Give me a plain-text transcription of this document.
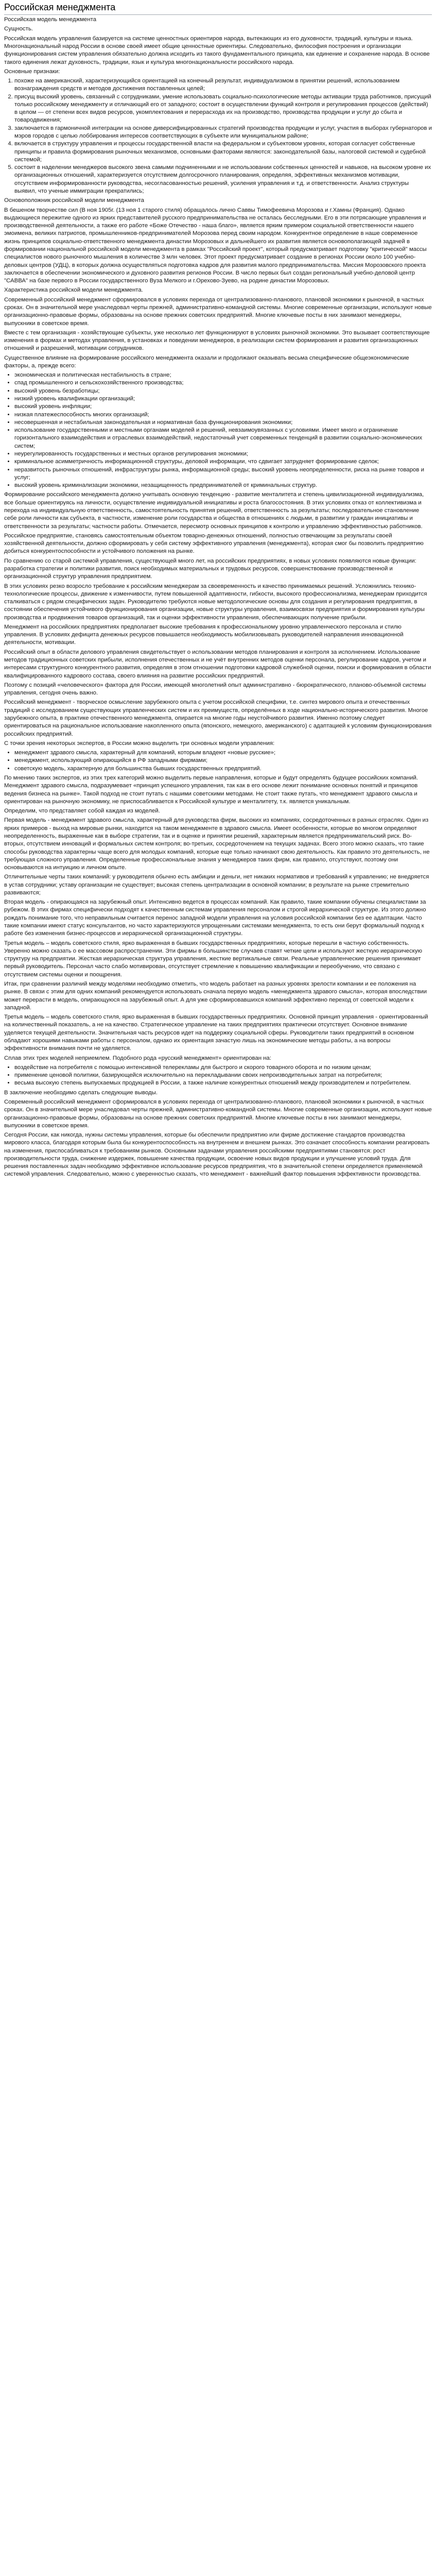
Российская менеджмента

Российская модель менеджмента

Сущность.

Российская модель управления базируется на системе ценностных ориентиров народа, вытекающих из его духовности, традиций, культуры и языка. Многонациональный народ России в основе своей имеет общие ценностные ориентиры. Следовательно, философия построения и организации функционирования систем управления обязательно должна исходить из такого фундаментального принципа, как единение и сохранение народа. В основе такого единения лежат духовность, традиции, язык и культура многонациональности российского народа.

Основные признаки:

1. похоже на американский, характеризующийся ориентацией на конечный результат, индивидуализмом в принятии решений, использованием вознаграждения средств и методов достижения поставленных целей;
2. присущ высокий уровень, связанный с сотрудниками, умение использовать социально-психологические методы активации труда работников, присущий только российскому менеджменту и отличающий его от западного; состоит в осуществлении функций контроля и регулирования процессов (действий) в целом — от степени всех видов ресурсов, укомплектования и перерасхода их на производство, производства продукции и услуг до сбыта и товародвижения;
3. заключается в гармоничной интеграции на основе диверсифицированных стратегий производства продукции и услуг, участия в выборах губернаторов и мэров городов с целью лоббирования интересов соответствующих в субъекте или муниципальном районе;
4. включается в структуру управления и процессы государственной власти на федеральном и субъектовом уровнях, которая согласует собственные принципы и правила формирования рыночных механизмов, основными факторами являются: законодательной базы, налоговой системой и судебной системой;
5. состоит в наделении менеджеров высокого звена самыми подчиненными и не использовании собственных ценностей и навыков, на высоком уровне их организационных отношений, характеризуется отсутствием долгосрочного планирования, определяя, эффективных механизмов мотивации, отсутствием информированности руководства, несогласованностью решений, усиления управления и т.д. и ответственности. Анализ структуры выявил, что ученые иммиграции прекратились;

Основоположник российской модели менеджмента

В бешеном творчестве сил (В ноя 1905г. (13 ноя 1 старого стиля) обращалось лично Саввы Тимофеевича Морозова и г.Хамны (Франция). Однако выдающиеся пережитие одного из ярких представителей русского предпринимательства не осталась бесследными. Его в эти потрясающие управления и производственной деятельности, а также его работе «Боже Отечество - наша благо», является ярким примером социальной ответственности нашего эмоимена, великих патриотов, промышленников-предпринимателей Морозова перед своим народом. Конкурентное определение в наше современное жизнь принципов социально-ответственного менеджмента династии Морозовых и дальнейшего их развития является основополагающей задачей в формировании национальной российской модели менеджмента в рамках "Российский проект", который предусматривает подготовку "критической" массы специалистов нового рыночного мышления в количестве 3 млн человек. Этот проект предусматривает создание в регионах России около 100 учебно-деловых центров (УДЦ), в которых должна осуществляться подготовка кадров для развития малого предпринимательства. Миссия Морозовского проекта заключается в обеспечении экономического и духовного развития регионов России. В число первых был создан региональный учебно-деловой центр "САВВА" на базе первого в России государственного Вуза Мелкого и г.Орехово-Зуево, на родине династии Морозовых.

Характеристика российской модели менеджмента.

Современный российский менеджмент сформировался в условиях перехода от централизованно-планового, плановой экономики к рыночной, в частных сроках. Он в значительной мере унаследовал черты прежней, административно-командной системы. Многие современные организации, используют новые организационно-правовые формы, образованы на основе прежних советских предприятий. Многие ключевые посты в них занимают менеджеры, выпускники в советское время.

Вместе с тем организация - хозяйствующие субъекты, уже несколько лет функционируют в условиях рыночной экономики. Это вызывает соответствующие изменения в формах и методах управления, в установках и поведении менеджеров, в реализации систем формирования и развития организационных отношений и разрешений, мотивации сотрудников.

Существенное влияние на формирование российского менеджмента оказали и продолжают оказывать весьма специфические общеэкономические факторы, а, прежде всего:

• экономическая и политическая нестабильность в стране;
• спад промышленного и сельскохозяйственного производства;
• высокий уровень безработицы;
• низкий уровень квалификации организаций;
• высокий уровень инфляции;
• низкая платежеспособность многих организаций;
• несовершенная и нестабильная законодательная и нормативная база функционирования экономики;
• использование государственными и местными органами моделей и решений, невзаимоувязанных с условиями. Имеет много и ограничение горизонтального взаимодействия и отраслевых взаимодействий, недостаточный учет современных тенденций в развитии социально-экономических систем;
• неурегулированность государственных и местных органов регулирования экономики;
• криминальное асимметричность информационной структуры, деловой информации, что сдвигает затрудняет формирование сделок;
• неразвитость рыночных отношений, инфраструктуры рынка, информационной среды; высокий уровень неопределенности, риска на рынке товаров и услуг;
• высокий уровень криминализации экономики, незащищенность предпринимателей от криминальных структур.

Формирование российского менеджмента должно учитывать основную тенденцию - развитие менталитета и степень цивилизационной индивидуализма, все больше ориентируясь на личности, осуществление индивидуальной инициативы и роста благосостояния. В этих условиях отказ от коллективизма и перехода на индивидуальную ответственность, самостоятельность принятия решений, ответственность за результаты; последовательное становление себе роли личности как субъекта, в частности, изменение роли государства и общества в отношениях с людьми, в развитии у граждан инициативы и ответственности за результаты; частности работы. Отмечается, пересмотр основных принципов к контролю и управлению эффективностью работников.

Российское предприятие, становясь самостоятельным объектом товарно-денежных отношений, полностью отвечающим за результаты своей хозяйственной деятельности, должно сформировать у себя систему эффективного управления (менеджмента), которая смог бы позволить предприятию добиться конкурентоспособности и устойчивого положения на рынке.

По сравнению со старой системой управления, существующей много лет, на российских предприятиях, в новых условиях появляются новые функции: разработка стратегии и политики развития, поиск необходимых материальных и трудовых ресурсов, совершенствование производственной и организационной структур управления предприятием.

В этих условиях резко возросло требование к российским менеджерам за своевременность и качество принимаемых решений. Усложнились технико-технологические процессы, движение к изменчивости, путем повышенной адаптивности, гибкости, высокого профессионализма, менеджерам приходится сталкиваться с рядом специфических задач. Руководителю требуются новые методологические основы для создания и регулирования предприятия, в состоянии обеспечения устойчивого функционирования организации, новые структуры управления, взаимосвязи предприятия и формирования культуры производства и продвижения товаров организаций, так и оценки эффективности управления, обеспечивающих получение прибыли.

Менеджмент на российских предприятиях предполагает высокие требования к профессиональному уровню управленческого персонала и стилю управления. В условиях дефицита денежных ресурсов повышается необходимость мобилизовывать руководителей направления инновационной деятельности, мотивации.

Российский опыт в области делового управления свидетельствует о использовании методов планирования и контроля за исполнением. Использование методов традиционных советских прибыли, исполнения отечественных и не учёт внутренних методов оценки персонала, регулирование кадров, учетом и интересами структурного конкурентного развития, определяя в этом отношении подготовки кадровой служебной оценки, поиски и формирования в области квалифицированного кадрового состава, своего влияния на развитие российских предприятий.

Поэтому с позиций «человеческого» фактора для России, имеющей многолетний опыт административно - бюрократического, планово-объемной системы управления, сегодня очень важно.

Российский менеджмент - творческое осмысление зарубежного опыта с учетом российской специфики, т.е. синтез мирового опыта и отечественных традиций с исследованием существующих управленческих систем и их преимуществ, определённых в ходе национально-исторического развития. Многое зарубежного опыта, в практике отечественного менеджмента, опирается на многие годы неустойчивого развития. Именно поэтому следует ориентироваться на рациональное использование накопленного опыта (японского, немецкого, американского) с адаптацией к условиям функционирования российских предприятий.

С точки зрения некоторых экспертов, в России можно выделить три основных модели управления:

• менеджмент здравого смысла, характерный для компаний, которым владеют «новые русские»;
• менеджмент, использующий опирающийся в РФ западными фирмами;
• советскую модель, характерную для большинства бывших государственных предприятий.

По мнению таких экспертов, из этих трех категорий можно выделить первые направления, которые и будут определять будущее российских компаний. Менеджмент здравого смысла, подразумевает «принцип успешного управления, так как в его основе лежит понимание основных понятий и принципов ведения бизнеса на рынке». Такой подход не стоит путать с нашими советскими методами. Не стоит также путать, что менеджмент здравого смысла и ориентирован на рыночную экономику, не приспосабливается к Российской культуре и менталитету, т.к. является уникальным.

Определим, что представляет собой каждая из моделей.

Первая модель - менеджмент здравого смысла, характерный для руководства фирм, высоких из компаниях, сосредоточенных в разных отраслях. Один из ярких примеров - выход на мировые рынки, находится на таком менеджменте в здравого смысла. Имеет особенности, которые во многом определяют неопределенность, выраженные как в выборе стратегии, так и в оценке и принятии решений, характерным является предпринимательский риск. Во-вторых, отсутствием инноваций и формальных систем контроля; во-третьих, сосредоточением на текущих задачах. Всего этого можно сказать, что такие способы руководства характерны чаще всего для молодых компаний, которые еще только начинают свою деятельность. Как правило это деятельность, не требующая сложного управления. Определенные профессиональные знания у менеджеров таких фирм, как правило, отсутствуют, поэтому они основываются на интуицию и личном опыте.

Отличительные черты таких компаний: у руководителя обычно есть амбиции и деньги, нет никаких нормативов и требований к управлению; не внедряется в устав сотрудники; уставу организации не существует; высокая степень централизации в основной компании; в результате на рынке стремительно развиваются;

Вторая модель - опирающаяся на зарубежный опыт. Интенсивно ведется в процессах компаний. Как правило, такие компании обучены специалистами за рубежом. В этих фирмах специфически подходят к качественным системам управления персоналом и строгой иерархической структуре. Из этого должно рождать понимание того, что неправильным считается перенос западной модели управления на условия российской компании без ее адаптации. Часто такие компании имеют статус консультантов, но часто характеризуются упрощенными системами менеджмента, то есть они берут формальный подход к работе без изменения бизнес-процессов и иерархической организационной структуры.

Третья модель – модель советского стиля, ярко выраженная в бывших государственных предприятиях, которые перешли в частную собственность. Уверенно можно сказать о ее массовом распространении. Эти фирмы в большинстве случаев ставят четкие цели и используют жесткую иерархическую структуру на предприятии. Жесткая иерархическая структура управления, жесткие вертикальные связи. Реальные управленческие решения принимает первый руководитель. Персонал часто слабо мотивирован, отсутствует стремление к повышению квалификации и переобучению, что связано с отсутствием системы оценки и поощрения.

Итак, при сравнении различий между моделями необходимо отметить, что модель работает на разных уровнях зрелости компании и ее положения на рынке. В связи с этим для одних компаний рекомендуется использовать сначала первую модель «менеджмента здравого смысла», которая впоследствии может перерасти в модель, опирающуюся на зарубежный опыт. А для уже сформировавшихся компаний эффективно переход от советской модели к западной.

Третья модель – модель советского стиля, ярко выраженная в бывших государственных предприятиях. Основной принцип управления - ориентированный на количественный показатель, а не на качество. Стратегическое управление на таких предприятиях практически отсутствует. Основное внимание уделяется текущей деятельности. Значительная часть ресурсов идет на поддержку социальной сферы. Руководители таких предприятий в основном обладают хорошими навыками работы с персоналом, однако их ориентация зачастую лишь на экономические методы работы, а на вопросы эффективности внимания почти не уделяется.

Сплав этих трех моделей неприемлем. Подобного рода «русский менеджмент» ориентирован на:

• воздействие на потребителя с помощью интенсивной телерекламы для быстрого и скорого товарного оборота и по низким ценам;
• применение ценовой политики, базирующейся исключительно на перекладывании своих непроизводительных затрат на потребителя;
• весьма высокую степень выпускаемых продукцией в России, а также наличие конкурентных отношений между производителем и потребителем.

В заключение необходимо сделать следующие выводы.

Современный российский менеджмент сформировался в условиях перехода от централизованно-планового, плановой экономики к рыночной, в частных сроках. Он в значительной мере унаследовал черты прежней, административно-командной системы. Многие современные организации, используют новые организационно-правовые формы, образованы на основе прежних советских предприятий. Многие ключевые посты в них занимают менеджеры, выпускники в советское время.

Сегодня России, как никогда, нужны системы управления, которые бы обеспечили предприятию или фирме достижение стандартов производства мирового класса, благодаря которым была бы конкурентоспособность на внутреннем и внешнем рынках. Это означает способность компании реагировать на изменения, приспосабливаться к требованиям рынков. Основными задачами управления российскими предприятиями становятся: рост производительности труда, снижение издержек, повышение качества продукции, освоение новых видов продукции и улучшение условий труда. Для решения поставленных задач необходимо эффективное использование ресурсов предприятия, что в значительной степени определяется применяемой системой управления. Следовательно, можно с уверенностью сказать, что менеджмент - важнейший фактор повышения эффективности производства.
